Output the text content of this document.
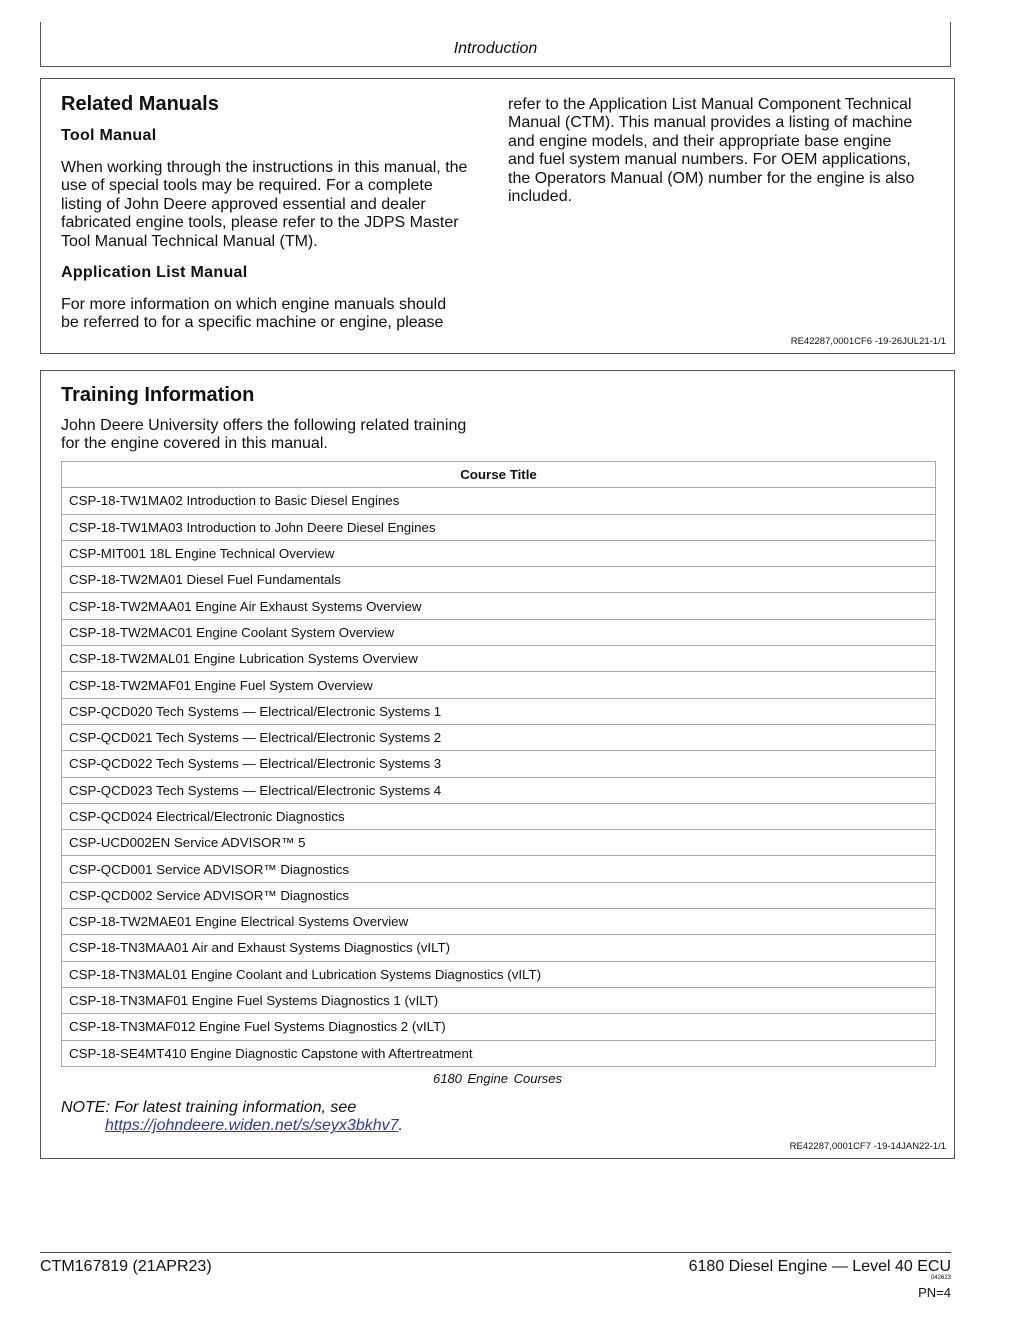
Introduction
Related Manuals
Tool Manual
When working through the instructions in this manual, the
use of special tools may be required. For a complete
listing of John Deere approved essential and dealer
fabricated engine tools, please refer to the JDPS Master
Tool Manual Technical Manual (TM).
Application List Manual
For more information on which engine manuals should
be referred to for a specific machine or engine, please
refer to the Application List Manual Component Technical
Manual (CTM). This manual provides a listing of machine
and engine models, and their appropriate base engine
and fuel system manual numbers. For OEM applications,
the Operators Manual (OM) number for the engine is also
included.
RE42287,0001CF6 -19-26JUL21-1/1
Training Information
John Deere University offers the following related training
for the engine covered in this manual.
Course Title
CSP-18-TW1MA02 Introduction to Basic Diesel Engines
CSP-18-TW1MA03 Introduction to John Deere Diesel Engines
CSP-MIT001 18L Engine Technical Overview
CSP-18-TW2MA01 Diesel Fuel Fundamentals
CSP-18-TW2MAA01 Engine Air Exhaust Systems Overview
CSP-18-TW2MAC01 Engine Coolant System Overview
CSP-18-TW2MAL01 Engine Lubrication Systems Overview
CSP-18-TW2MAF01 Engine Fuel System Overview
CSP-QCD020 Tech Systems — Electrical/Electronic Systems 1
CSP-QCD021 Tech Systems — Electrical/Electronic Systems 2
CSP-QCD022 Tech Systems — Electrical/Electronic Systems 3
CSP-QCD023 Tech Systems — Electrical/Electronic Systems 4
CSP-QCD024 Electrical/Electronic Diagnostics
CSP-UCD002EN Service ADVISOR™ 5
CSP-QCD001 Service ADVISOR™ Diagnostics
CSP-QCD002 Service ADVISOR™ Diagnostics
CSP-18-TW2MAE01 Engine Electrical Systems Overview
CSP-18-TN3MAA01 Air and Exhaust Systems Diagnostics (vILT)
CSP-18-TN3MAL01 Engine Coolant and Lubrication Systems Diagnostics (vILT)
CSP-18-TN3MAF01 Engine Fuel Systems Diagnostics 1 (vILT)
CSP-18-TN3MAF012 Engine Fuel Systems Diagnostics 2 (vILT)
CSP-18-SE4MT410 Engine Diagnostic Capstone with Aftertreatment
6180 Engine Courses
NOTE: For latest training information, see
https://johndeere.widen.net/s/seyx3bkhv7.
RE42287,0001CF7 -19-14JAN22-1/1
CTM167819 (21APR23)	6180 Diesel Engine — Level 40 ECU
042623
PN=4
